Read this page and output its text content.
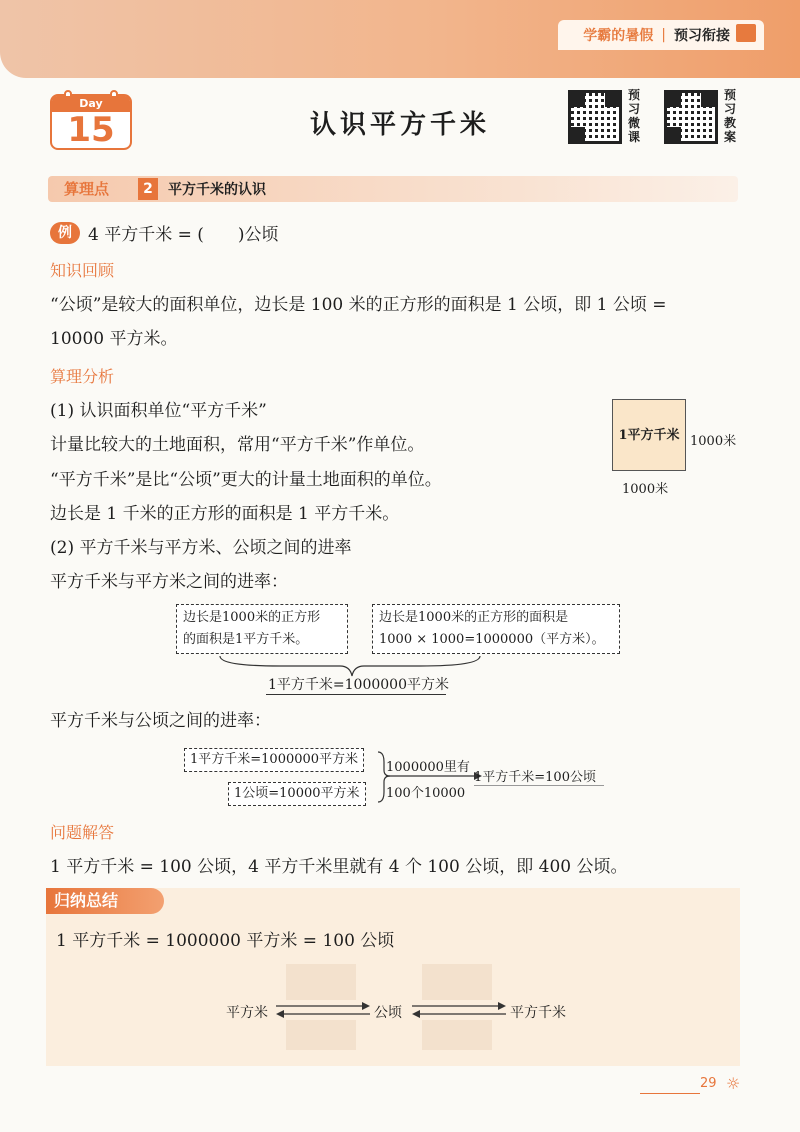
学霸的暑假 | 预习衔接
Day
15	认识平方千米
预习微课
预习教案
算理点	2	平方千米的认识
例 4 平方千米 = (　　)公顷
知识回顾
“公顷”是较大的面积单位，边长是 100 米的正方形的面积是 1 公顷，即 1 公顷 =
10000 平方米。
算理分析
(1) 认识面积单位“平方千米”
计量比较大的土地面积，常用“平方千米”作单位。
“平方千米”是比“公顷”更大的计量土地面积的单位。
边长是 1 千米的正方形的面积是 1 平方千米。
(2) 平方千米与平方米、公顷之间的进率
平方千米与平方米之间的进率：
1平方千米 1000米
1000米
边长是1000米的正方形
的面积是1平方千米。
边长是1000米的正方形的面积是
1000 × 1000=1000000（平方米）。
1平方千米=1000000平方米
平方千米与公顷之间的进率：
1平方千米=1000000平方米
1公顷=10000平方米
1000000里有
100个10000
1平方千米=100公顷
问题解答
1 平方千米 = 100 公顷，4 平方千米里就有 4 个 100 公顷，即 400 公顷。
归纳总结
1 平方千米 = 1000000 平方米 = 100 公顷
平方米	公顷	平方千米
29 ☼
